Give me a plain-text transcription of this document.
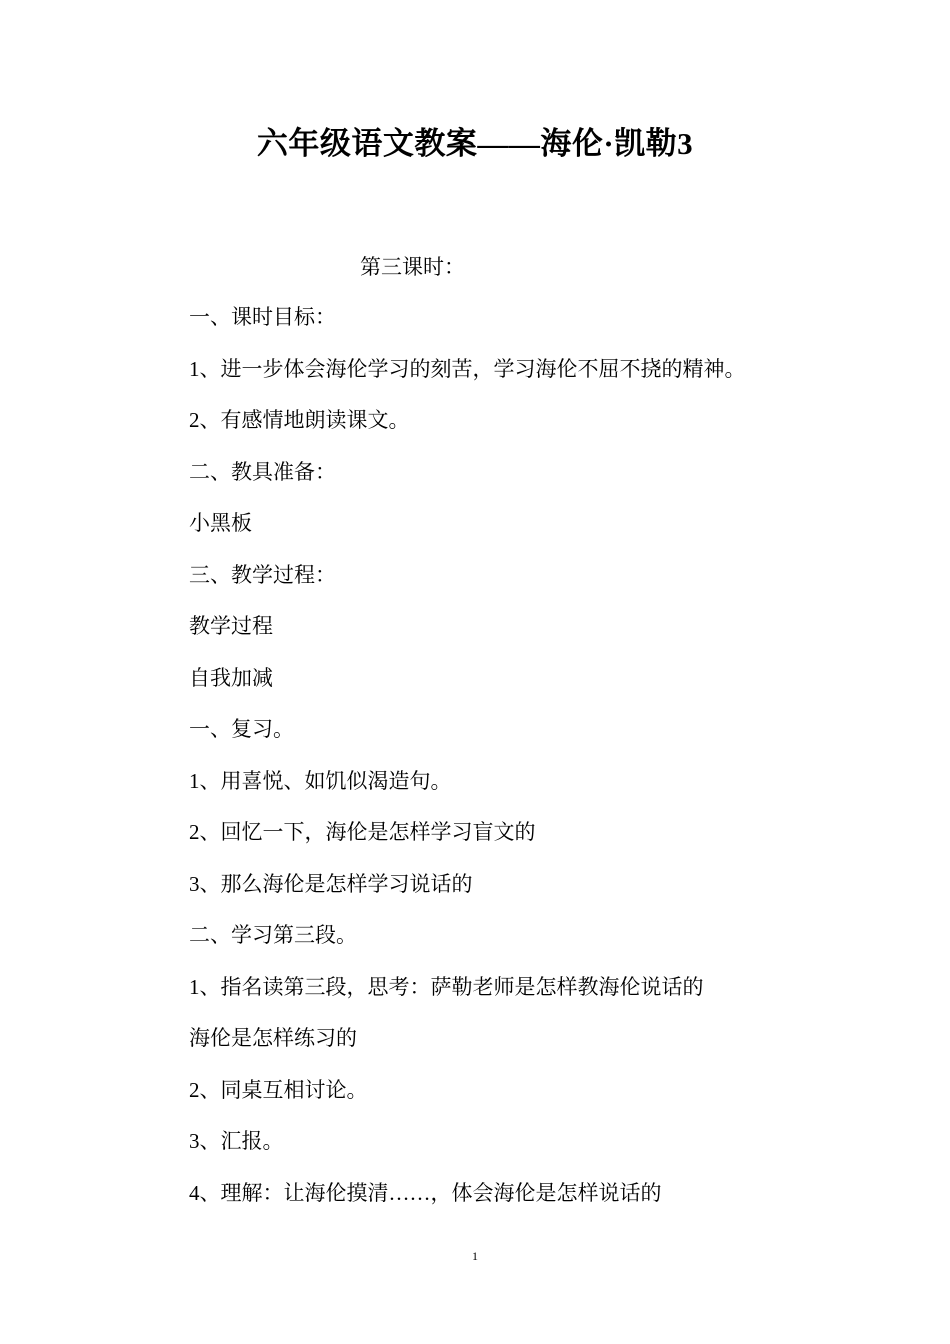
六年级语文教案——海伦·凯勒3
第三课时：
一、课时目标：
1、进一步体会海伦学习的刻苦，学习海伦不屈不挠的精神。
2、有感情地朗读课文。
二、教具准备：
小黑板
三、教学过程：
教学过程
自我加减
一、复习。
1、用喜悦、如饥似渴造句。
2、回忆一下，海伦是怎样学习盲文的
3、那么海伦是怎样学习说话的
二、学习第三段。
1、指名读第三段，思考：萨勒老师是怎样教海伦说话的
海伦是怎样练习的
2、同桌互相讨论。
3、汇报。
4、理解：让海伦摸清……，体会海伦是怎样说话的
1
